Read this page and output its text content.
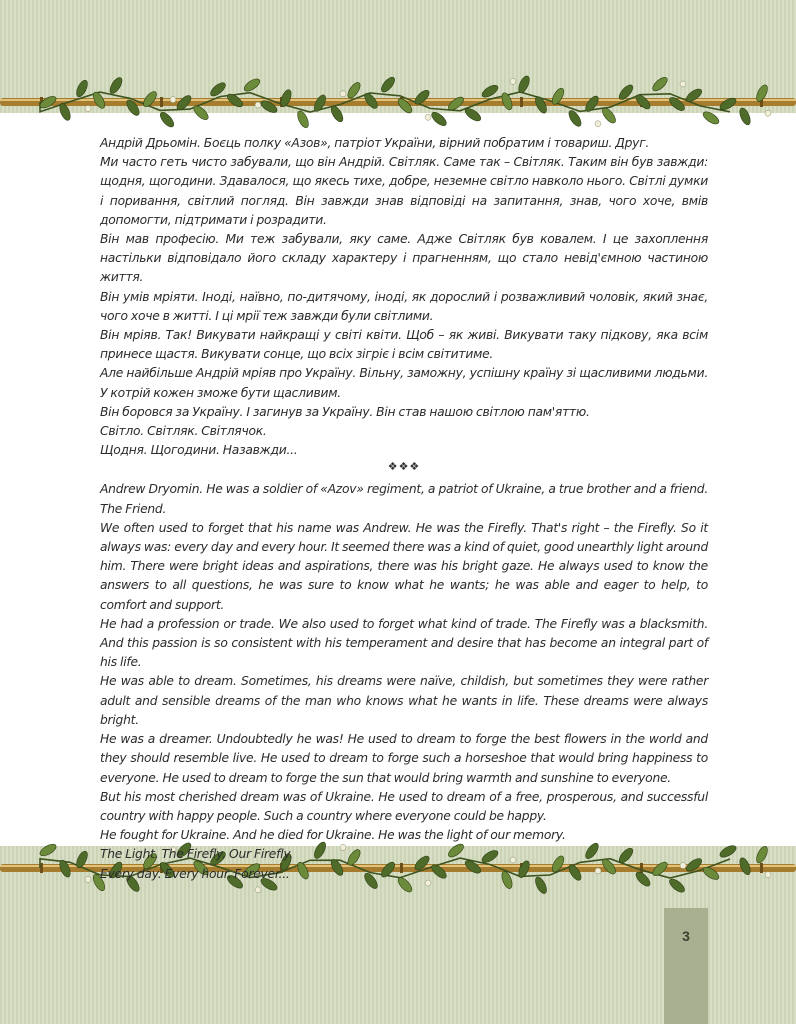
Андрій Дрьомін. Боєць полку «Азов», патріот України, вірний побратим і товариш. Друг.

Ми часто геть чисто забували, що він Андрій. Світляк. Саме так – Світляк. Таким він був завжди: щодня, щогодини. Здавалося, що якесь тихе, добре, неземне світло навколо нього. Світлі думки і поривання, світлий погляд. Він завжди знав відповіді на запитання, знав, чого хоче, вмів допомогти, підтримати і розрадити.

Він мав професію. Ми теж забували, яку саме. Адже Світляк був ковалем. І це захоплення настільки відповідало його складу характеру і прагненням, що стало невід'ємною частиною життя.

Він умів мріяти. Іноді, наївно, по-дитячому, іноді, як дорослий і розважливий чоловік, який знає, чого хоче в житті. І ці мрії теж завжди були світлими.

Він мріяв. Так! Викувати найкращі у світі квіти. Щоб – як живі. Викувати таку підкову, яка всім принесе щастя. Викувати сонце, що всіх зігріє і всім світитиме.

Але найбільше Андрій мріяв про Україну. Вільну, заможну, успішну країну зі щасливими людьми. У котрій кожен зможе бути щасливим.

Він боровся за Україну. І загинув за Україну. Він став нашою світлою пам'яттю.

Світло. Світляк. Світлячок.

Щодня. Щогодини. Назавжди...

❖❖❖

Andrew Dryomin. He was a soldier of «Azov» regiment, a patriot of Ukraine, a true brother and a friend. The Friend.

We often used to forget that his name was Andrew. He was the Firefly. That's right – the Firefly. So it always was: every day and every hour. It seemed there was a kind of quiet, good unearthly light around him. There were bright ideas and aspirations, there was his bright gaze. He always used to know the answers to all questions, he was sure to know what he wants; he was able and eager to help, to comfort and support.

He had a profession or trade. We also used to forget what kind of trade. The Firefly was a blacksmith. And this passion is so consistent with his temperament and desire that has become an integral part of his life.

He was able to dream. Sometimes, his dreams were naïve, childish, but sometimes they were rather adult and sensible dreams of the man who knows what he wants in life. These dreams were always bright.

He was a dreamer. Undoubtedly he was! He used to dream to forge the best flowers in the world and they should resemble live. He used to dream to forge such a horseshoe that would bring happiness to everyone. He used to dream to forge the sun that would bring warmth and sunshine to everyone.

But his most cherished dream was of Ukraine. He used to dream of a free, prosperous, and successful country with happy people. Such a country where everyone could be happy.

He fought for Ukraine. And he died for Ukraine. He was the light of our memory.

The Light. The Firefly. Our Firefly.

Every day. Every hour. Forever...

3
